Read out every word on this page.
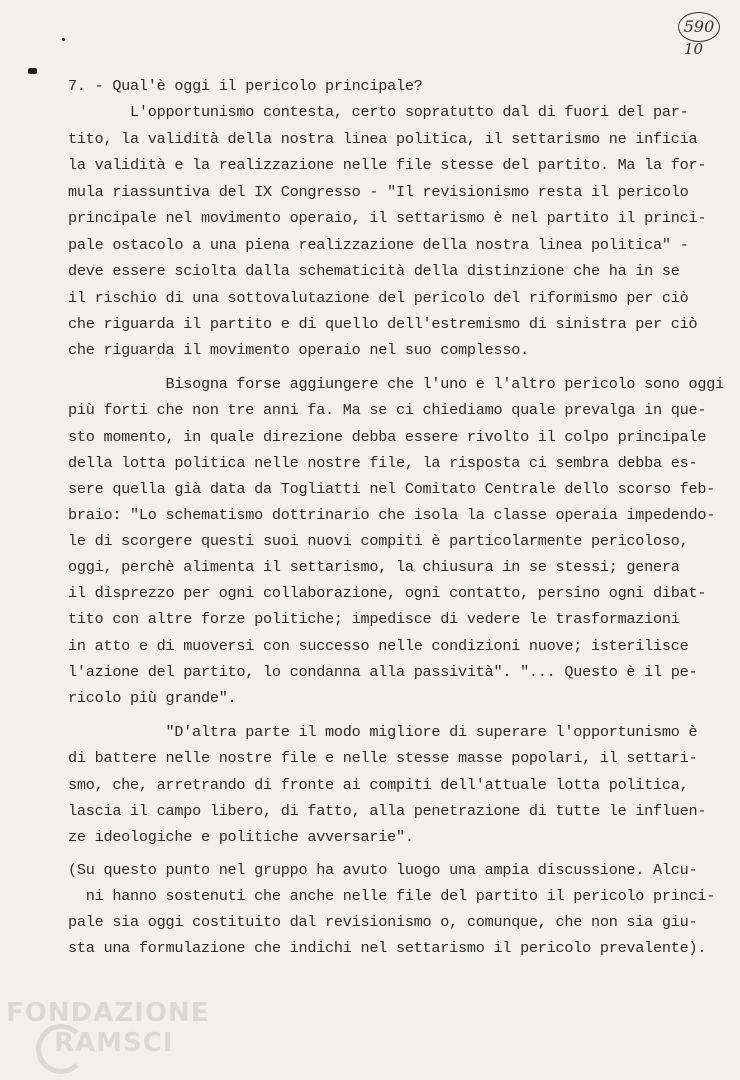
590
10
7. - Qual'è oggi il pericolo principale?
L'opportunismo contesta, certo sopratutto dal di fuori del par-
tito, la validità della nostra linea politica, il settarismo ne inficia
la validità e la realizzazione nelle file stesse del partito. Ma la for-
mula riassuntiva del IX Congresso - "Il revisionismo resta il pericolo
principale nel movimento operaio, il settarismo è nel partito il princi-
pale ostacolo a una piena realizzazione della nostra linea politica" -
deve essere sciolta dalla schematicità della distinzione che ha in se
il rischio di una sottovalutazione del pericolo del riformismo per ciò
che riguarda il partito e di quello dell'estremismo di sinistra per ciò
che riguarda il movimento operaio nel suo complesso.
Bisogna forse aggiungere che l'uno e l'altro pericolo sono oggi
più forti che non tre anni fa. Ma se ci chiediamo quale prevalga in que-
sto momento, in quale direzione debba essere rivolto il colpo principale
della lotta politica nelle nostre file, la risposta ci sembra debba es-
sere quella già data da Togliatti nel Comitato Centrale dello scorso feb-
braio: "Lo schematismo dottrinario che isola la classe operaia impedendo-
le di scorgere questi suoi nuovi compiti è particolarmente pericoloso,
oggi, perchè alimenta il settarismo, la chiusura in se stessi; genera
il disprezzo per ogni collaborazione, ogni contatto, persino ogni dibat-
tito con altre forze politiche; impedisce di vedere le trasformazioni
in atto e di muoversi con successo nelle condizioni nuove; isterilisce
l'azione del partito, lo condanna alla passività". "... Questo è il pe-
ricolo più grande".
"D'altra parte il modo migliore di superare l'opportunismo è
di battere nelle nostre file e nelle stesse masse popolari, il settari-
smo, che, arretrando di fronte ai compiti dell'attuale lotta politica,
lascia il campo libero, di fatto, alla penetrazione di tutte le influen-
ze ideologiche e politiche avversarie".
(Su questo punto nel gruppo ha avuto luogo una ampia discussione. Alcu-
ni hanno sostenuti che anche nelle file del partito il pericolo princi-
pale sia oggi costituito dal revisionismo o, comunque, che non sia giu-
sta una formulazione che indichi nel settarismo il pericolo prevalente).
FONDAZIONE
RAMSCI
